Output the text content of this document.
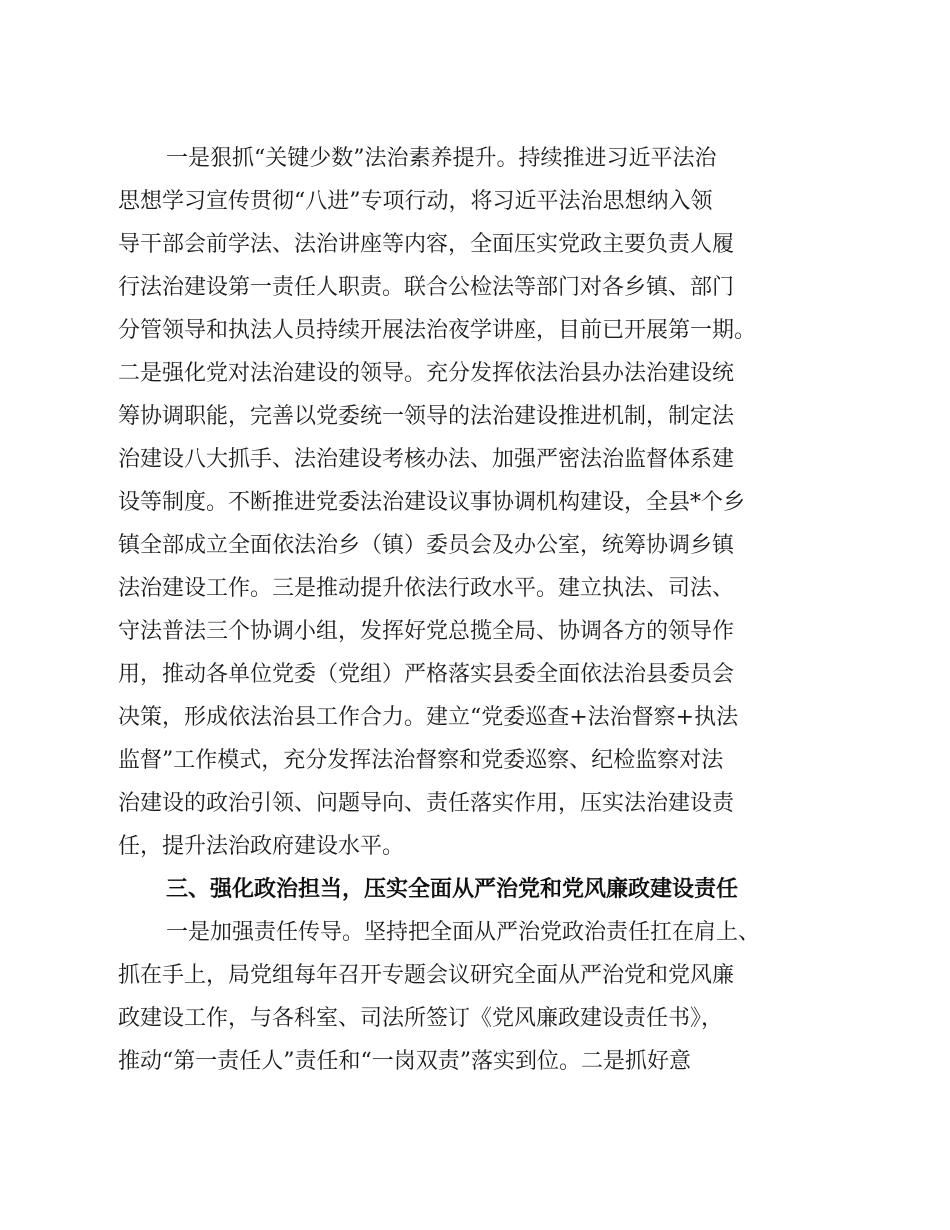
一是狠抓“关键少数”法治素养提升。持续推进习近平法治
思想学习宣传贯彻“八进”专项行动，将习近平法治思想纳入领
导干部会前学法、法治讲座等内容，全面压实党政主要负责人履
行法治建设第一责任人职责。联合公检法等部门对各乡镇、部门
分管领导和执法人员持续开展法治夜学讲座，目前已开展第一期。
二是强化党对法治建设的领导。充分发挥依法治县办法治建设统
筹协调职能，完善以党委统一领导的法治建设推进机制，制定法
治建设八大抓手、法治建设考核办法、加强严密法治监督体系建
设等制度。不断推进党委法治建设议事协调机构建设，全县*个乡
镇全部成立全面依法治乡（镇）委员会及办公室，统筹协调乡镇
法治建设工作。三是推动提升依法行政水平。建立执法、司法、
守法普法三个协调小组，发挥好党总揽全局、协调各方的领导作
用，推动各单位党委（党组）严格落实县委全面依法治县委员会
决策，形成依法治县工作合力。建立“党委巡查+法治督察+执法
监督”工作模式，充分发挥法治督察和党委巡察、纪检监察对法
治建设的政治引领、问题导向、责任落实作用，压实法治建设责
任，提升法治政府建设水平。
三、强化政治担当，压实全面从严治党和党风廉政建设责任
一是加强责任传导。坚持把全面从严治党政治责任扛在肩上、
抓在手上，局党组每年召开专题会议研究全面从严治党和党风廉
政建设工作，与各科室、司法所签订《党风廉政建设责任书》，
推动“第一责任人”责任和“一岗双责”落实到位。二是抓好意
